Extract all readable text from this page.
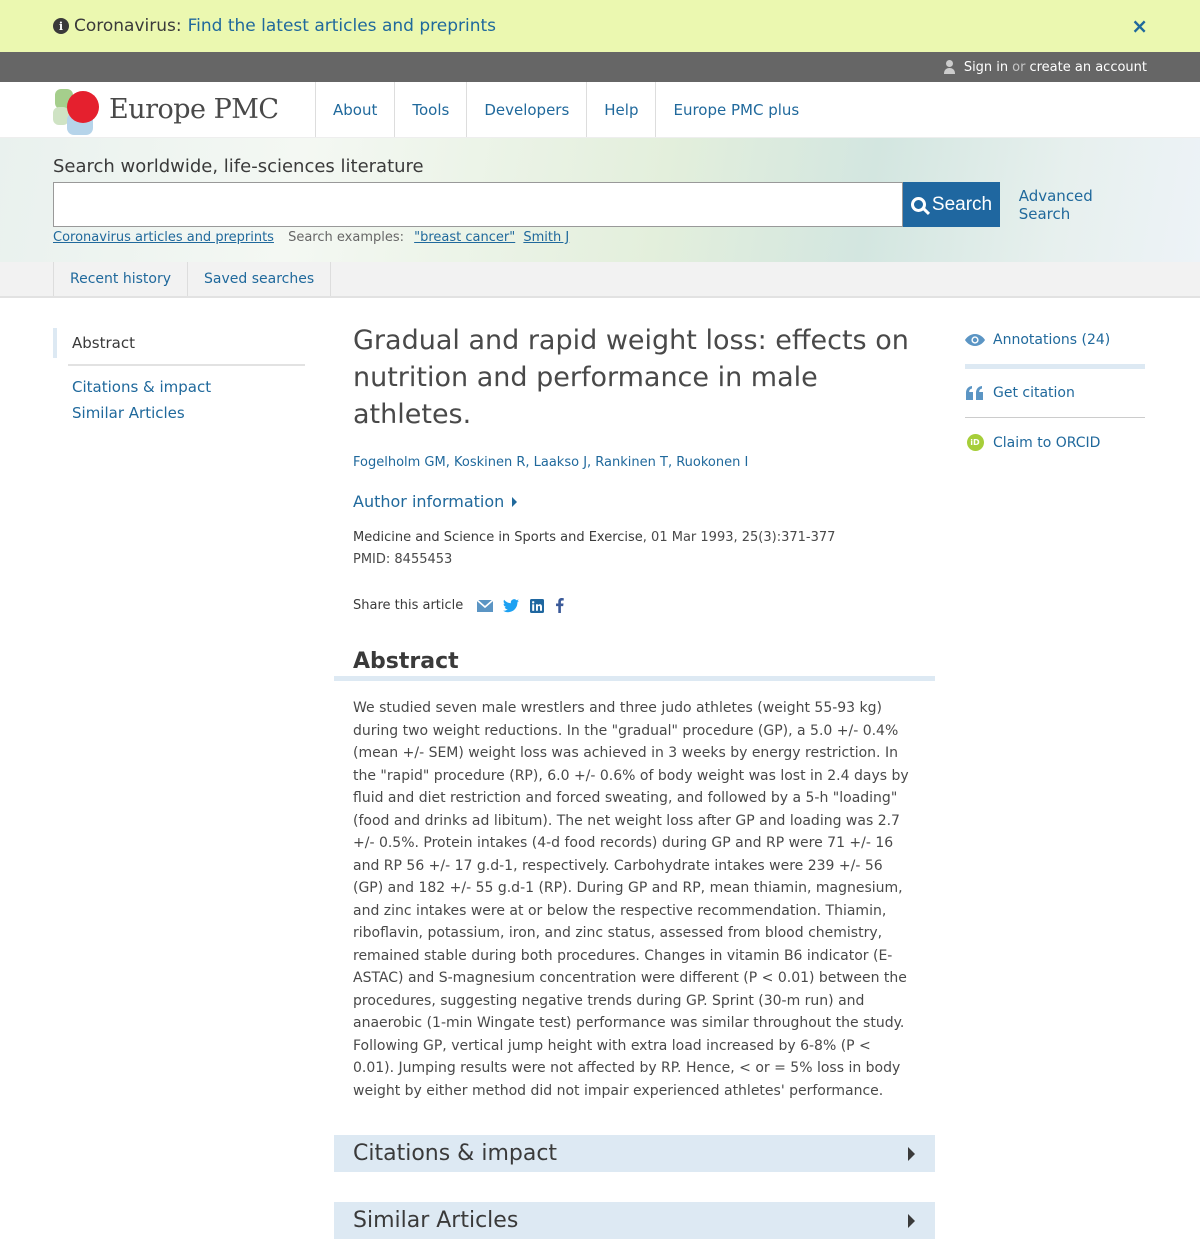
i Coronavirus: Find the latest articles and preprints	×
Sign in or create an account
Europe PMC	About	Tools	Developers	Help	Europe PMC plus
Search worldwide, life-sciences literature
Search Advanced Search
Coronavirus articles and preprints Search examples: "breast cancer" Smith J
Recent history	Saved searches
Abstract
Citations & impact
Similar Articles
Gradual and rapid weight loss: effects on nutrition and performance in male athletes.
Fogelholm GM, Koskinen R, Laakso J, Rankinen T, Ruokonen I
Author information
Medicine and Science in Sports and Exercise, 01 Mar 1993, 25(3):371-377
PMID: 8455453
Share this article
Abstract

We studied seven male wrestlers and three judo athletes (weight 55-93 kg) during two weight reductions. In the "gradual" procedure (GP), a 5.0 +/- 0.4% (mean +/- SEM) weight loss was achieved in 3 weeks by energy restriction. In the "rapid" procedure (RP), 6.0 +/- 0.6% of body weight was lost in 2.4 days by fluid and diet restriction and forced sweating, and followed by a 5-h "loading" (food and drinks ad libitum). The net weight loss after GP and loading was 2.7 +/- 0.5%. Protein intakes (4-d food records) during GP and RP were 71 +/- 16 and RP 56 +/- 17 g.d-1, respectively. Carbohydrate intakes were 239 +/- 56 (GP) and 182 +/- 55 g.d-1 (RP). During GP and RP, mean thiamin, magnesium, and zinc intakes were at or below the respective recommendation. Thiamin, riboflavin, potassium, iron, and zinc status, assessed from blood chemistry, remained stable during both procedures. Changes in vitamin B6 indicator (E-ASTAC) and S-magnesium concentration were different (P < 0.01) between the procedures, suggesting negative trends during GP. Sprint (30-m run) and anaerobic (1-min Wingate test) performance was similar throughout the study. Following GP, vertical jump height with extra load increased by 6-8% (P < 0.01). Jumping results were not affected by RP. Hence, < or = 5% loss in body weight by either method did not impair experienced athletes' performance.

Citations & impact
Similar Articles
Annotations (24)
Get citation
iD Claim to ORCID
